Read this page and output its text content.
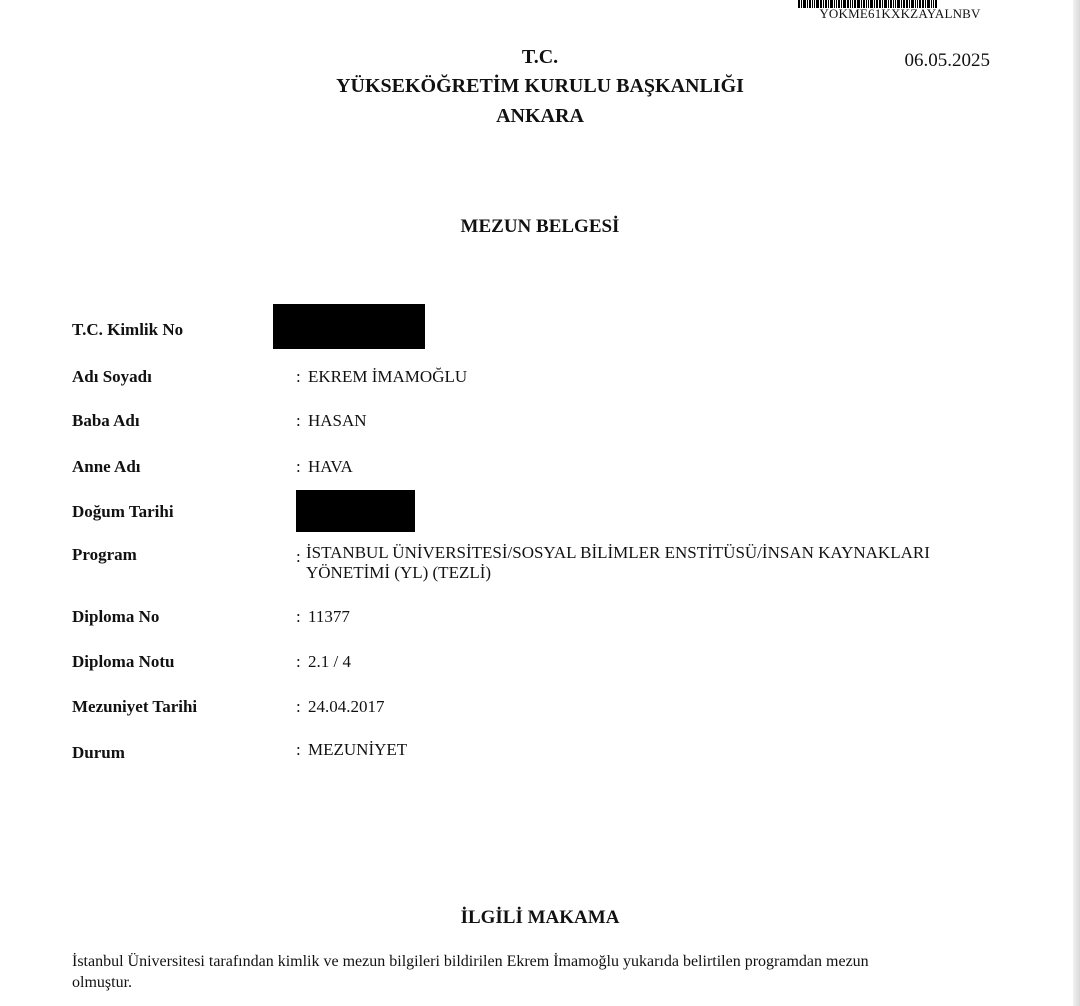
YOKME61KXKZAYALNBV
T.C.
YÜKSEKÖĞRETİM KURULU BAŞKANLIĞI
ANKARA
06.05.2025
MEZUN BELGESİ
T.C. Kimlik No
Adı Soyadı	: EKREM İMAMOĞLU
Baba Adı	: HASAN
Anne Adı	: HAVA
Doğum Tarihi
Program	: İSTANBUL ÜNİVERSİTESİ/SOSYAL BİLİMLER ENSTİTÜSÜ/İNSAN KAYNAKLARI
YÖNETİMİ (YL) (TEZLİ)
Diploma No	: 11377
Diploma Notu	: 2.1 / 4
Mezuniyet Tarihi	: 24.04.2017
Durum	: MEZUNİYET
İLGİLİ MAKAMA
İstanbul Üniversitesi tarafından kimlik ve mezun bilgileri bildirilen Ekrem İmamoğlu yukarıda belirtilen programdan mezun
olmuştur.
